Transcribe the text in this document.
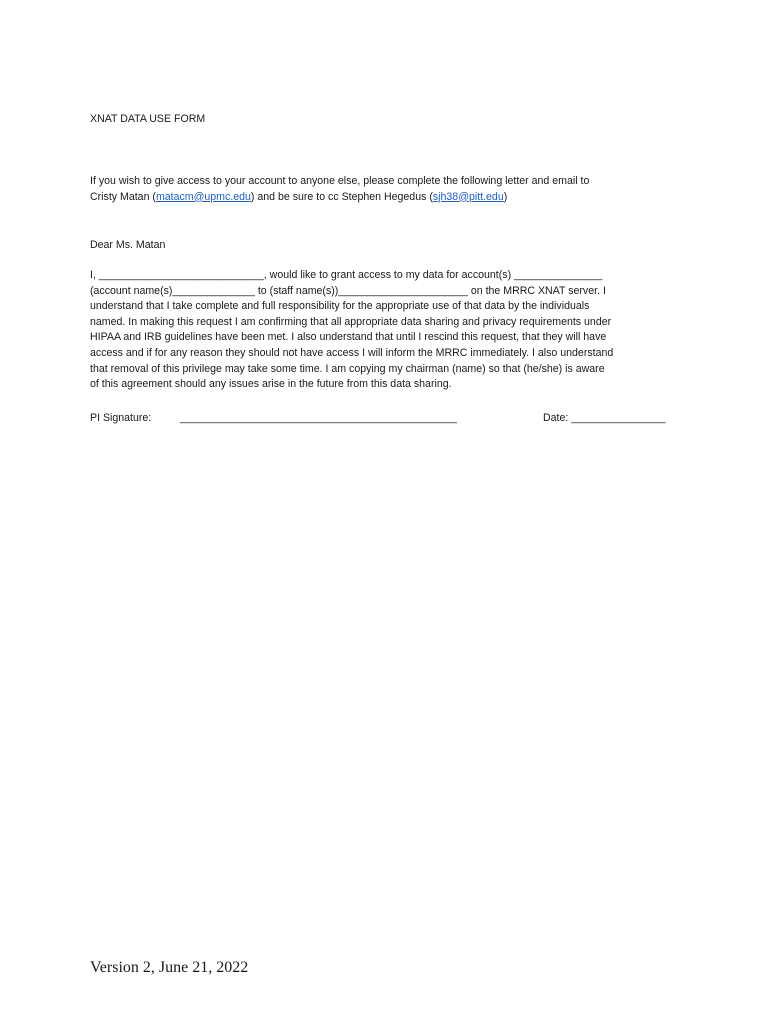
XNAT DATA USE FORM
If you wish to give access to your account to anyone else, please complete the following letter and email to
Cristy Matan (matacm@upmc.edu) and be sure to cc Stephen Hegedus (sjh38@pitt.edu)
Dear Ms. Matan
I, ____________________________, would like to grant access to my data for account(s) _______________
(account name(s)______________ to (staff name(s))______________________ on the MRRC XNAT server. I
understand that I take complete and full responsibility for the appropriate use of that data by the individuals
named. In making this request I am confirming that all appropriate data sharing and privacy requirements under
HIPAA and IRB guidelines have been met. I also understand that until I rescind this request, that they will have
access and if for any reason they should not have access I will inform the MRRC immediately. I also understand
that removal of this privilege may take some time. I am copying my chairman (name) so that (he/she) is aware
of this agreement should any issues arise in the future from this data sharing.
PI Signature:	_______________________________________________	Date: ________________
Version 2, June 21, 2022
